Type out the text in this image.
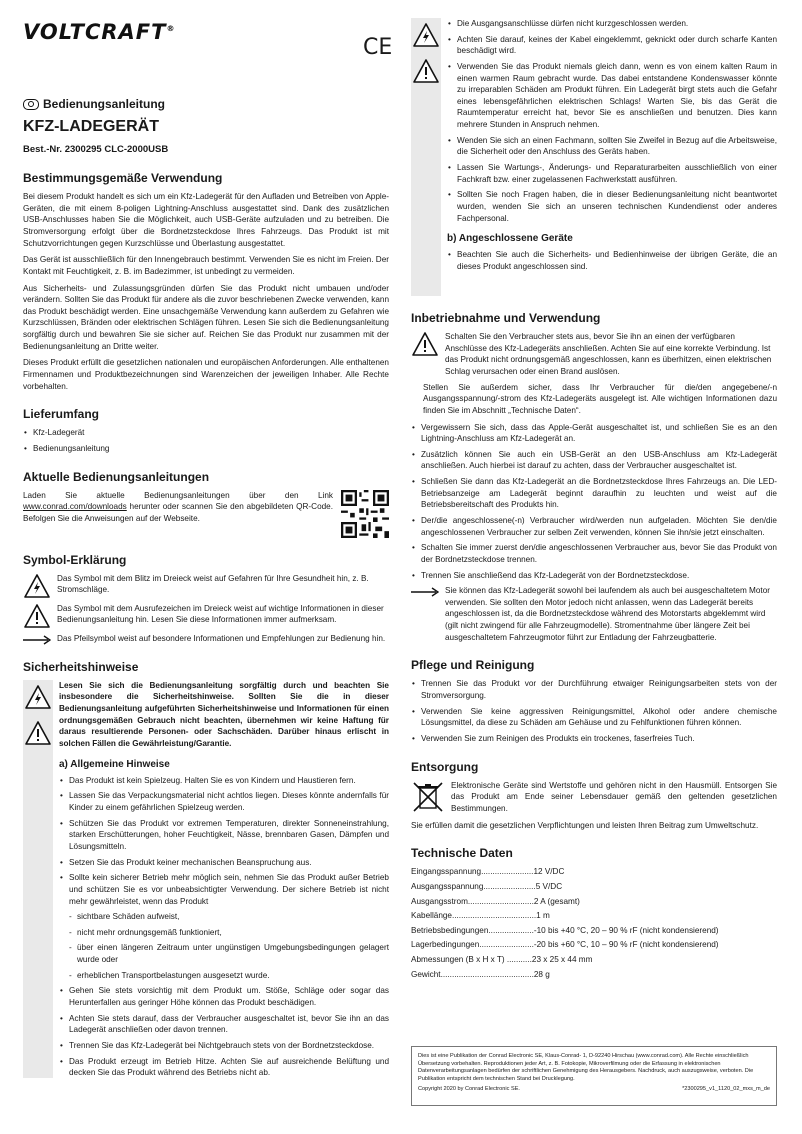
VOLTCRAFT®
CE
Bedienungsanleitung
KFZ-LADEGERÄT
Best.-Nr. 2300295 CLC-2000USB
Bestimmungsgemäße Verwendung

Bei diesem Produkt handelt es sich um ein Kfz-Ladegerät für den Aufladen und Betreiben von Apple-Geräten, die mit einem 8-poligen Lightning-Anschluss ausgestattet sind. Dank des zusätzlichen USB-Anschlusses haben Sie die Möglichkeit, auch USB-Geräte aufzuladen und zu betreiben. Die Stromversorgung erfolgt über die Bordnetzsteckdose Ihres Fahrzeugs. Das Produkt ist mit Schutzvorrichtungen gegen Kurzschlüsse und Überlastung ausgestattet.

Das Gerät ist ausschließlich für den Innengebrauch bestimmt. Verwenden Sie es nicht im Freien. Der Kontakt mit Feuchtigkeit, z. B. im Badezimmer, ist unbedingt zu vermeiden.

Aus Sicherheits- und Zulassungsgründen dürfen Sie das Produkt nicht umbauen und/oder verändern. Sollten Sie das Produkt für andere als die zuvor beschriebenen Zwecke verwenden, kann das Produkt beschädigt werden. Eine unsachgemäße Verwendung kann außerdem zu Gefahren wie Kurzschlüssen, Bränden oder elektrischen Schlägen führen. Lesen Sie sich die Bedienungsanleitung sorgfältig durch und bewahren Sie sie sicher auf. Reichen Sie das Produkt nur zusammen mit der Bedienungsanleitung an Dritte weiter.

Dieses Produkt erfüllt die gesetzlichen nationalen und europäischen Anforderungen. Alle enthaltenen Firmennamen und Produktbezeichnungen sind Warenzeichen der jeweiligen Inhaber. Alle Rechte vorbehalten.

Lieferumfang
• Kfz-Ladegerät
• Bedienungsanleitung
Aktuelle Bedienungsanleitungen

Laden Sie aktuelle Bedienungsanleitungen über den Link www.conrad.com/downloads herunter oder scannen Sie den abgebildeten QR-Code. Befolgen Sie die Anweisungen auf der Webseite.

Symbol-Erklärung
Das Symbol mit dem Blitz im Dreieck weist auf Gefahren für Ihre Gesundheit hin, z. B. Stromschläge.
Das Symbol mit dem Ausrufezeichen im Dreieck weist auf wichtige Informationen in dieser Bedienungsanleitung hin. Lesen Sie diese Informationen immer aufmerksam.
Das Pfeilsymbol weist auf besondere Informationen und Empfehlungen zur Bedienung hin.
Sicherheitshinweise

Lesen Sie sich die Bedienungsanleitung sorgfältig durch und beachten Sie insbesondere die Sicherheitshinweise. Sollten Sie die in dieser Bedienungsanleitung aufgeführten Sicherheitshinweise und Informationen für einen ordnungsgemäßen Gebrauch nicht beachten, übernehmen wir keine Haftung für daraus resultierende Personen- oder Sachschäden. Darüber hinaus erlischt in solchen Fällen die Gewährleistung/Garantie.

a) Allgemeine Hinweise
• Das Produkt ist kein Spielzeug. Halten Sie es von Kindern und Haustieren fern.
• Lassen Sie das Verpackungsmaterial nicht achtlos liegen. Dieses könnte andernfalls für Kinder zu einem gefährlichen Spielzeug werden.
• Schützen Sie das Produkt vor extremen Temperaturen, direkter Sonneneinstrahlung, starken Erschütterungen, hoher Feuchtigkeit, Nässe, brennbaren Gasen, Dämpfen und Lösungsmitteln.
• Setzen Sie das Produkt keiner mechanischen Beanspruchung aus.
• Sollte kein sicherer Betrieb mehr möglich sein, nehmen Sie das Produkt außer Betrieb und schützen Sie es vor unbeabsichtigter Verwendung. Der sichere Betrieb ist nicht mehr gewährleistet, wenn das Produkt
- sichtbare Schäden aufweist,
- nicht mehr ordnungsgemäß funktioniert,
- über einen längeren Zeitraum unter ungünstigen Umgebungsbedingungen gelagert wurde oder
- erheblichen Transportbelastungen ausgesetzt wurde.
• Gehen Sie stets vorsichtig mit dem Produkt um. Stöße, Schläge oder sogar das Herunterfallen aus geringer Höhe können das Produkt beschädigen.
• Achten Sie stets darauf, dass der Verbraucher ausgeschaltet ist, bevor Sie ihn an das Ladegerät anschließen oder davon trennen.
• Trennen Sie das Kfz-Ladegerät bei Nichtgebrauch stets von der Bordnetzsteckdose.
• Das Produkt erzeugt im Betrieb Hitze. Achten Sie auf ausreichende Belüftung und decken Sie das Produkt während des Betriebs nicht ab.
• Die Ausgangsanschlüsse dürfen nicht kurzgeschlossen werden.
• Achten Sie darauf, keines der Kabel eingeklemmt, geknickt oder durch scharfe Kanten beschädigt wird.
• Verwenden Sie das Produkt niemals gleich dann, wenn es von einem kalten Raum in einen warmen Raum gebracht wurde. Das dabei entstandene Kondenswasser könnte zu irreparablen Schäden am Produkt führen. Ein Ladegerät birgt stets auch die Gefahr eines lebensgefährlichen elektrischen Schlags! Warten Sie, bis das Gerät die Raumtemperatur erreicht hat, bevor Sie es anschließen und benutzen. Dies kann mehrere Stunden in Anspruch nehmen.
• Wenden Sie sich an einen Fachmann, sollten Sie Zweifel in Bezug auf die Arbeitsweise, die Sicherheit oder den Anschluss des Geräts haben.
• Lassen Sie Wartungs-, Änderungs- und Reparaturarbeiten ausschließlich von einer Fachkraft bzw. einer zugelassenen Fachwerkstatt ausführen.
• Sollten Sie noch Fragen haben, die in dieser Bedienungsanleitung nicht beantwortet wurden, wenden Sie sich an unseren technischen Kundendienst oder anderes Fachpersonal.
b) Angeschlossene Geräte
• Beachten Sie auch die Sicherheits- und Bedienhinweise der übrigen Geräte, die an dieses Produkt angeschlossen sind.
Inbetriebnahme und Verwendung
Schalten Sie den Verbraucher stets aus, bevor Sie ihn an einen der verfügbaren Anschlüsse des Kfz-Ladegeräts anschließen. Achten Sie auf eine korrekte Verbindung. Ist das Produkt nicht ordnungsgemäß angeschlossen, kann es überhitzen, einen elektrischen Schlag verursachen oder einen Brand auslösen.

Stellen Sie außerdem sicher, dass Ihr Verbraucher für die/den angegebene/-n Ausgangsspannung/-strom des Kfz-Ladegeräts ausgelegt ist. Alle wichtigen Informationen dazu finden Sie im Abschnitt „Technische Daten“.

• Vergewissern Sie sich, dass das Apple-Gerät ausgeschaltet ist, und schließen Sie es an den Lightning-Anschluss am Kfz-Ladegerät an.
• Zusätzlich können Sie auch ein USB-Gerät an den USB-Anschluss am Kfz-Ladegerät anschließen. Auch hierbei ist darauf zu achten, dass der Verbraucher ausgeschaltet ist.
• Schließen Sie dann das Kfz-Ladegerät an die Bordnetzsteckdose Ihres Fahrzeugs an. Die LED-Betriebsanzeige am Ladegerät beginnt daraufhin zu leuchten und weist auf die Betriebsbereitschaft des Produkts hin.
• Der/die angeschlossene(-n) Verbraucher wird/werden nun aufgeladen. Möchten Sie den/die angeschlossenen Verbraucher zur selben Zeit verwenden, können Sie ihn/sie jetzt einschalten.
• Schalten Sie immer zuerst den/die angeschlossenen Verbraucher aus, bevor Sie das Produkt von der Bordnetzsteckdose trennen.
• Trennen Sie anschließend das Kfz-Ladegerät von der Bordnetzsteckdose.
Sie können das Kfz-Ladegerät sowohl bei laufendem als auch bei ausgeschaltetem Motor verwenden. Sie sollten den Motor jedoch nicht anlassen, wenn das Ladegerät bereits angeschlossen ist, da die Bordnetzsteckdose während des Motorstarts abgeklemmt wird (gilt nicht zwingend für alle Fahrzeugmodelle). Stromentnahme über längere Zeit bei ausgeschaltetem Fahrzeugmotor führt zur Entladung der Fahrzeugbatterie.
Pflege und Reinigung
• Trennen Sie das Produkt vor der Durchführung etwaiger Reinigungsarbeiten stets von der Stromversorgung.
• Verwenden Sie keine aggressiven Reinigungsmittel, Alkohol oder andere chemische Lösungsmittel, da diese zu Schäden am Gehäuse und zu Fehlfunktionen führen können.
• Verwenden Sie zum Reinigen des Produkts ein trockenes, faserfreies Tuch.
Entsorgung

Elektronische Geräte sind Wertstoffe und gehören nicht in den Hausmüll. Entsorgen Sie das Produkt am Ende seiner Lebensdauer gemäß den geltenden gesetzlichen Bestimmungen.

Sie erfüllen damit die gesetzlichen Verpflichtungen und leisten Ihren Beitrag zum Umweltschutz.

Technische Daten
Eingangsspannung....................... 12 V/DC
Ausgangsspannung....................... 5 V/DC
Ausgangsstrom............................. 2 A (gesamt)
Kabellänge..................................... 1 m
Betriebsbedingungen.................... -10 bis +40 °C, 20 – 90 % rF (nicht kondensierend)
Lagerbedingungen........................ -20 bis +60 °C, 10 – 90 % rF (nicht kondensierend)
Abmessungen (B x H x T) ........... 23 x 25 x 44 mm
Gewicht......................................... 28 g
Dies ist eine Publikation der Conrad Electronic SE, Klaus-Conrad- 1, D-92240 Hirschau (www.conrad.com). Alle Rechte einschließlich Übersetzung vorbehalten. Reproduktionen jeder Art, z. B. Fotokopie, Mikroverfilmung oder die Erfassung in elektronischen Datenverarbeitungsanlagen bedürfen der schriftlichen Genehmigung des Herausgebers. Nachdruck, auch auszugsweise, verboten. Die Publikation entspricht dem technischen Stand bei Drucklegung.
Copyright 2020 by Conrad Electronic SE.	*2300295_v1_1120_02_mxs_m_de
